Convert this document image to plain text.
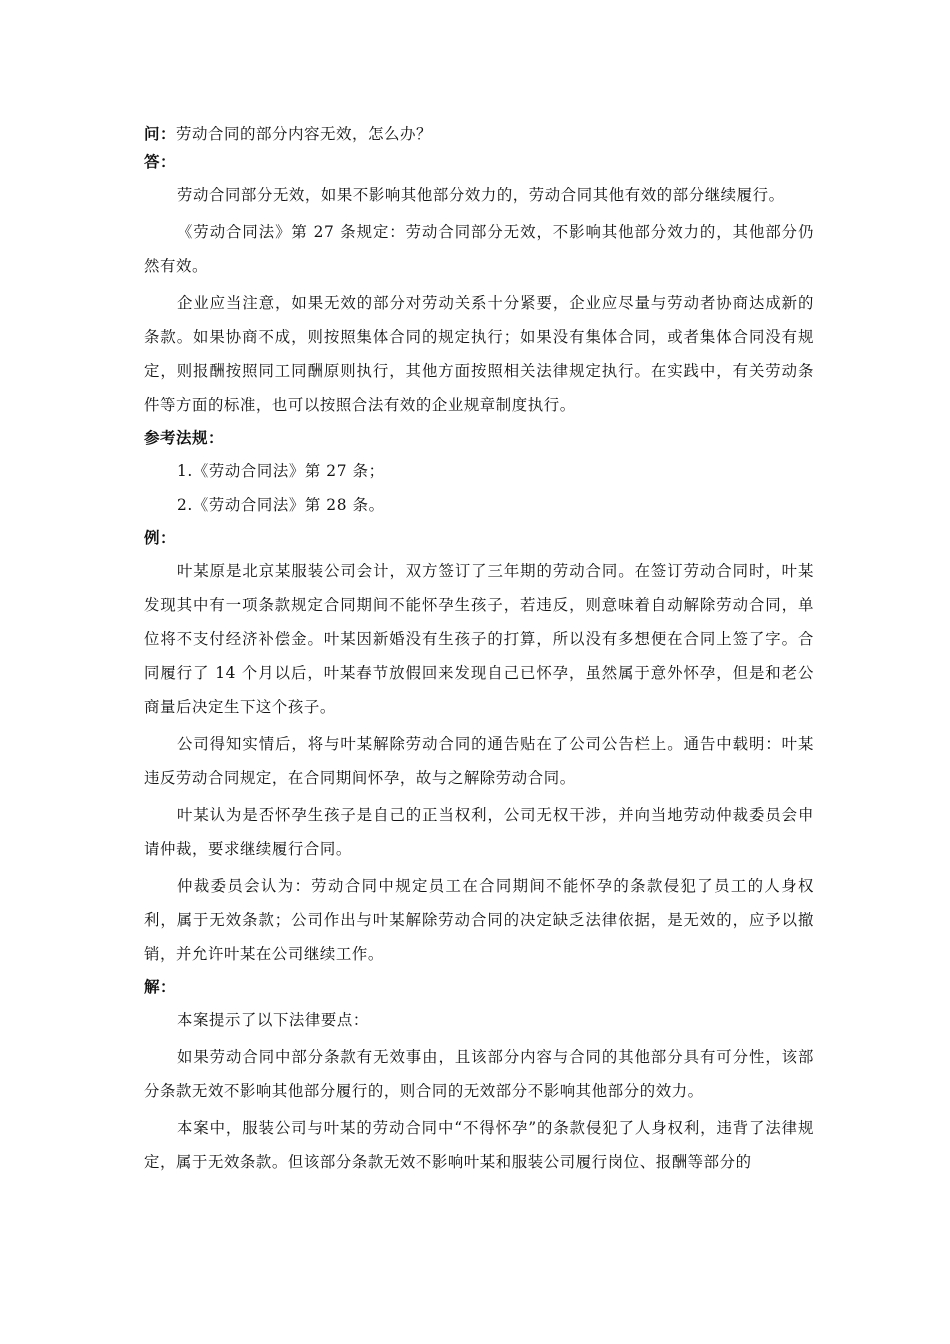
问：劳动合同的部分内容无效，怎么办？
答：

劳动合同部分无效，如果不影响其他部分效力的，劳动合同其他有效的部分继续履行。

《劳动合同法》第 27 条规定：劳动合同部分无效，不影响其他部分效力的，其他部分仍然有效。

企业应当注意，如果无效的部分对劳动关系十分紧要，企业应尽量与劳动者协商达成新的条款。如果协商不成，则按照集体合同的规定执行；如果没有集体合同，或者集体合同没有规定，则报酬按照同工同酬原则执行，其他方面按照相关法律规定执行。在实践中，有关劳动条件等方面的标准，也可以按照合法有效的企业规章制度执行。

参考法规：

1.《劳动合同法》第 27 条；

2.《劳动合同法》第 28 条。

例：

叶某原是北京某服装公司会计，双方签订了三年期的劳动合同。在签订劳动合同时，叶某发现其中有一项条款规定合同期间不能怀孕生孩子，若违反，则意味着自动解除劳动合同，单位将不支付经济补偿金。叶某因新婚没有生孩子的打算，所以没有多想便在合同上签了字。合同履行了 14 个月以后，叶某春节放假回来发现自己已怀孕，虽然属于意外怀孕，但是和老公商量后决定生下这个孩子。

公司得知实情后，将与叶某解除劳动合同的通告贴在了公司公告栏上。通告中载明：叶某违反劳动合同规定，在合同期间怀孕，故与之解除劳动合同。

叶某认为是否怀孕生孩子是自己的正当权利，公司无权干涉，并向当地劳动仲裁委员会申请仲裁，要求继续履行合同。

仲裁委员会认为：劳动合同中规定员工在合同期间不能怀孕的条款侵犯了员工的人身权利，属于无效条款；公司作出与叶某解除劳动合同的决定缺乏法律依据，是无效的，应予以撤销，并允许叶某在公司继续工作。

解：

本案提示了以下法律要点：

如果劳动合同中部分条款有无效事由，且该部分内容与合同的其他部分具有可分性，该部分条款无效不影响其他部分履行的，则合同的无效部分不影响其他部分的效力。

本案中，服装公司与叶某的劳动合同中“不得怀孕”的条款侵犯了人身权利，违背了法律规定，属于无效条款。但该部分条款无效不影响叶某和服装公司履行岗位、报酬等部分的
